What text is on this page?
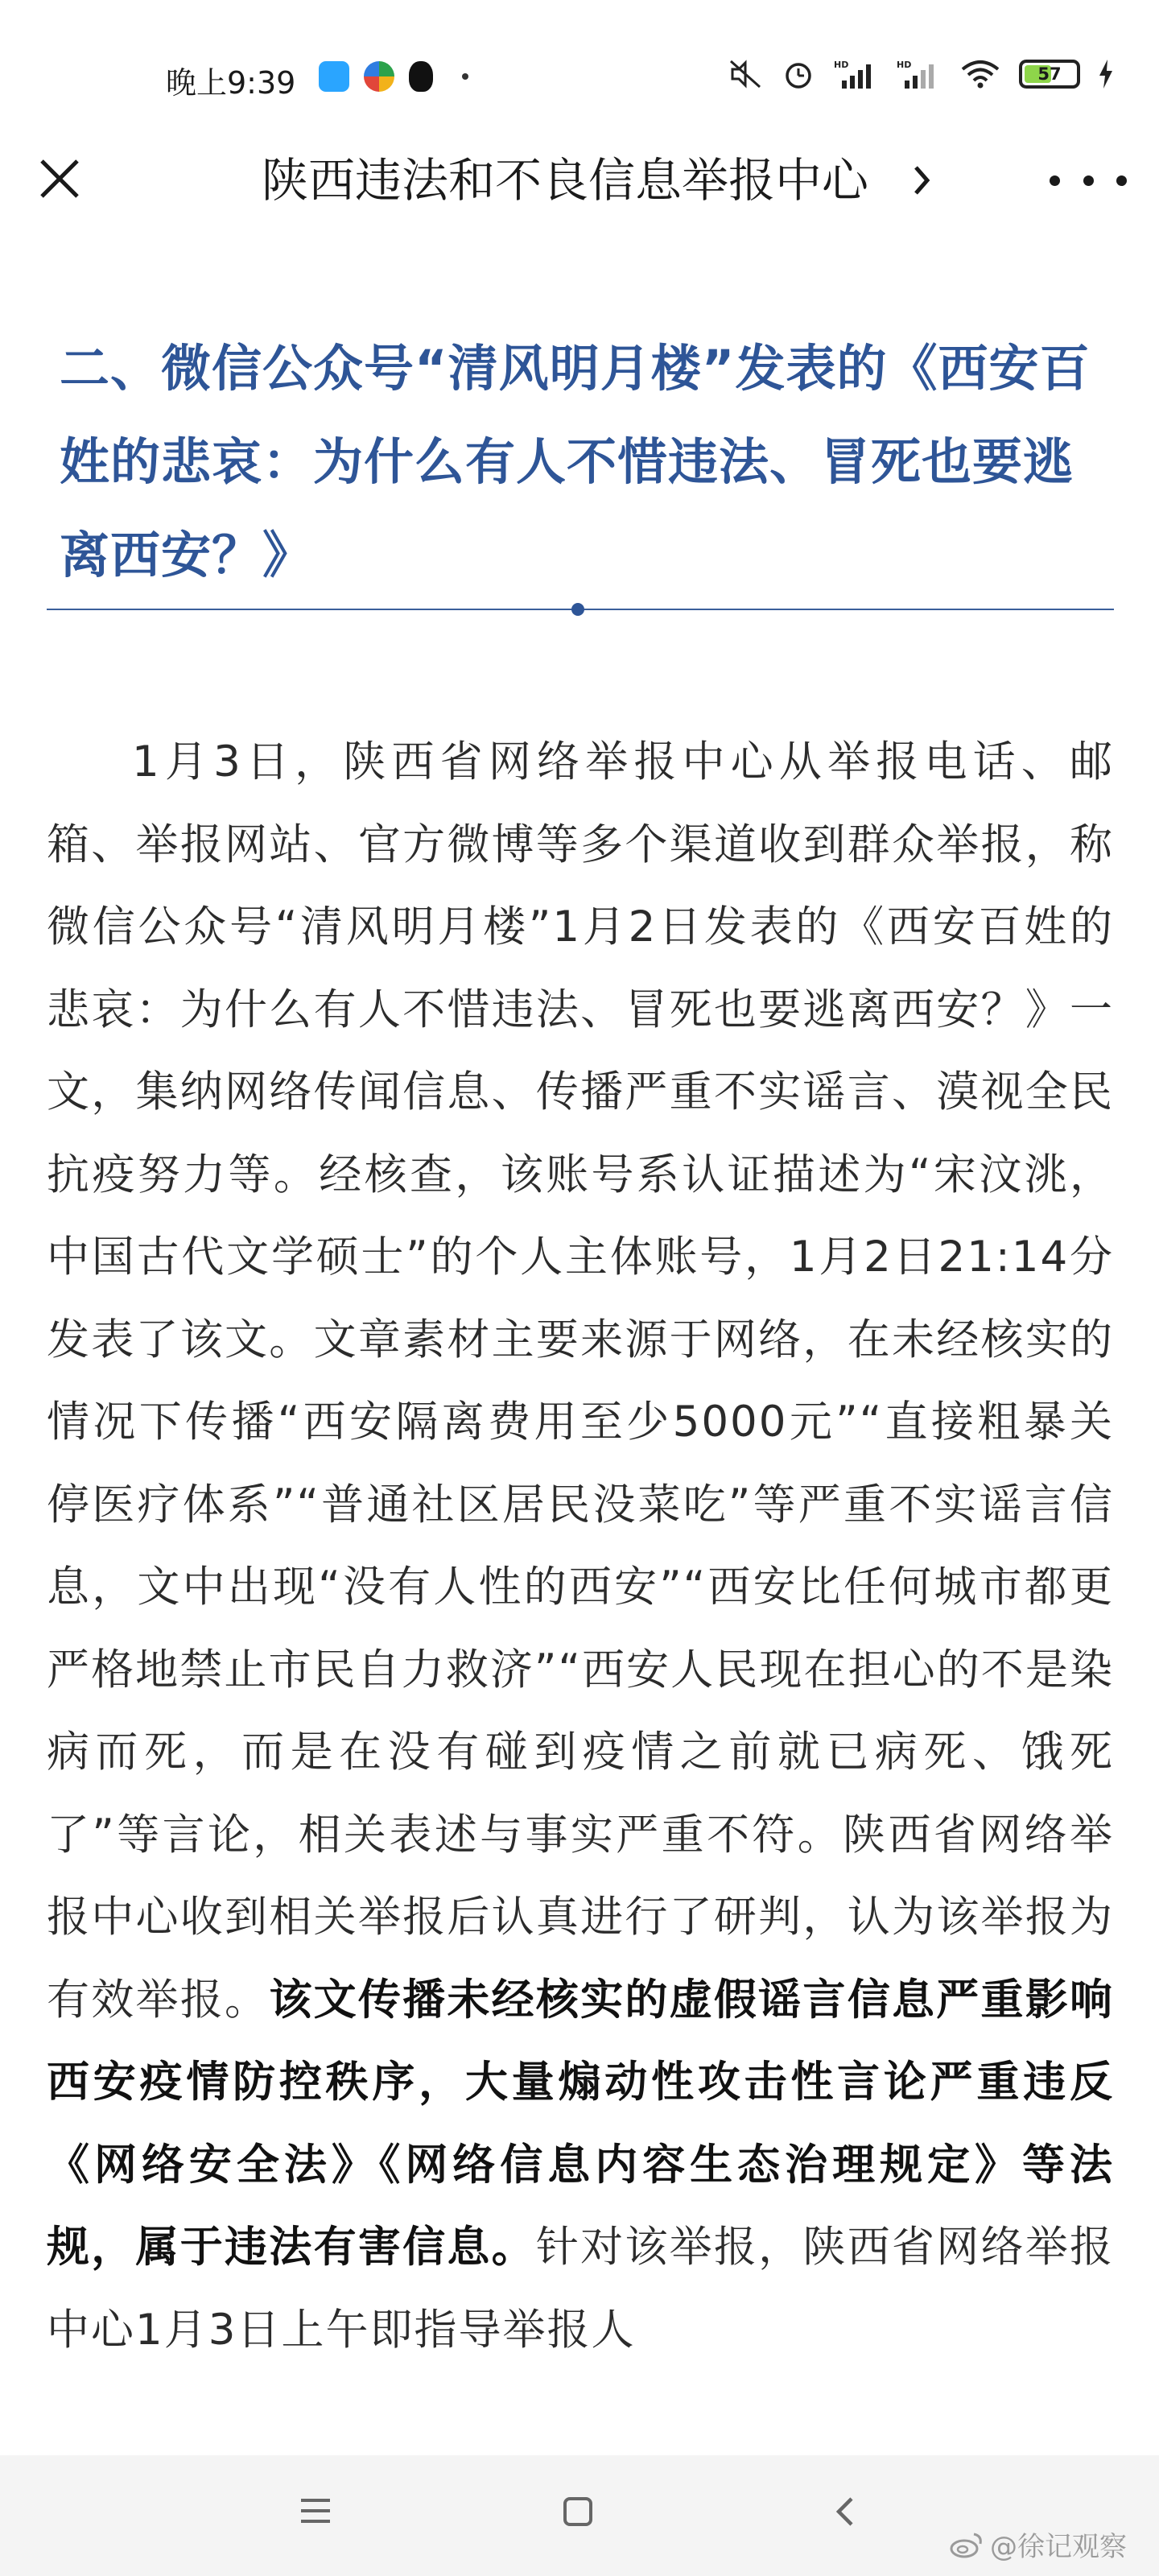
晚上9:39
HD	HD	57
陕西违法和不良信息举报中心
二、微信公众号“清风明月楼”发表的《西安百姓的悲哀：为什么有人不惜违法、冒死也要逃离西安？》

1月3日，陕西省网络举报中心从举报电话、邮箱、举报网站、官方微博等多个渠道收到群众举报，称微信公众号“清风明月楼”1月2日发表的《西安百姓的悲哀：为什么有人不惜违法、冒死也要逃离西安？》一文，集纳网络传闻信息、传播严重不实谣言、漠视全民抗疫努力等。经核查，该账号系认证描述为“宋汶洮，中国古代文学硕士”的个人主体账号，1月2日21:14分发表了该文。文章素材主要来源于网络，在未经核实的情况下传播“西安隔离费用至少5000元”“直接粗暴关停医疗体系”“普通社区居民没菜吃”等严重不实谣言信息，文中出现“没有人性的西安”“西安比任何城市都更严格地禁止市民自力救济”“西安人民现在担心的不是染病而死，而是在没有碰到疫情之前就已病死、饿死了”等言论，相关表述与事实严重不符。陕西省网络举报中心收到相关举报后认真进行了研判，认为该举报为有效举报。该文传播未经核实的虚假谣言信息严重影响西安疫情防控秩序，大量煽动性攻击性言论严重违反《网络安全法》《网络信息内容生态治理规定》等法规，属于违法有害信息。针对该举报，陕西省网络举报中心1月3日上午即指导举报人

@徐记观察
